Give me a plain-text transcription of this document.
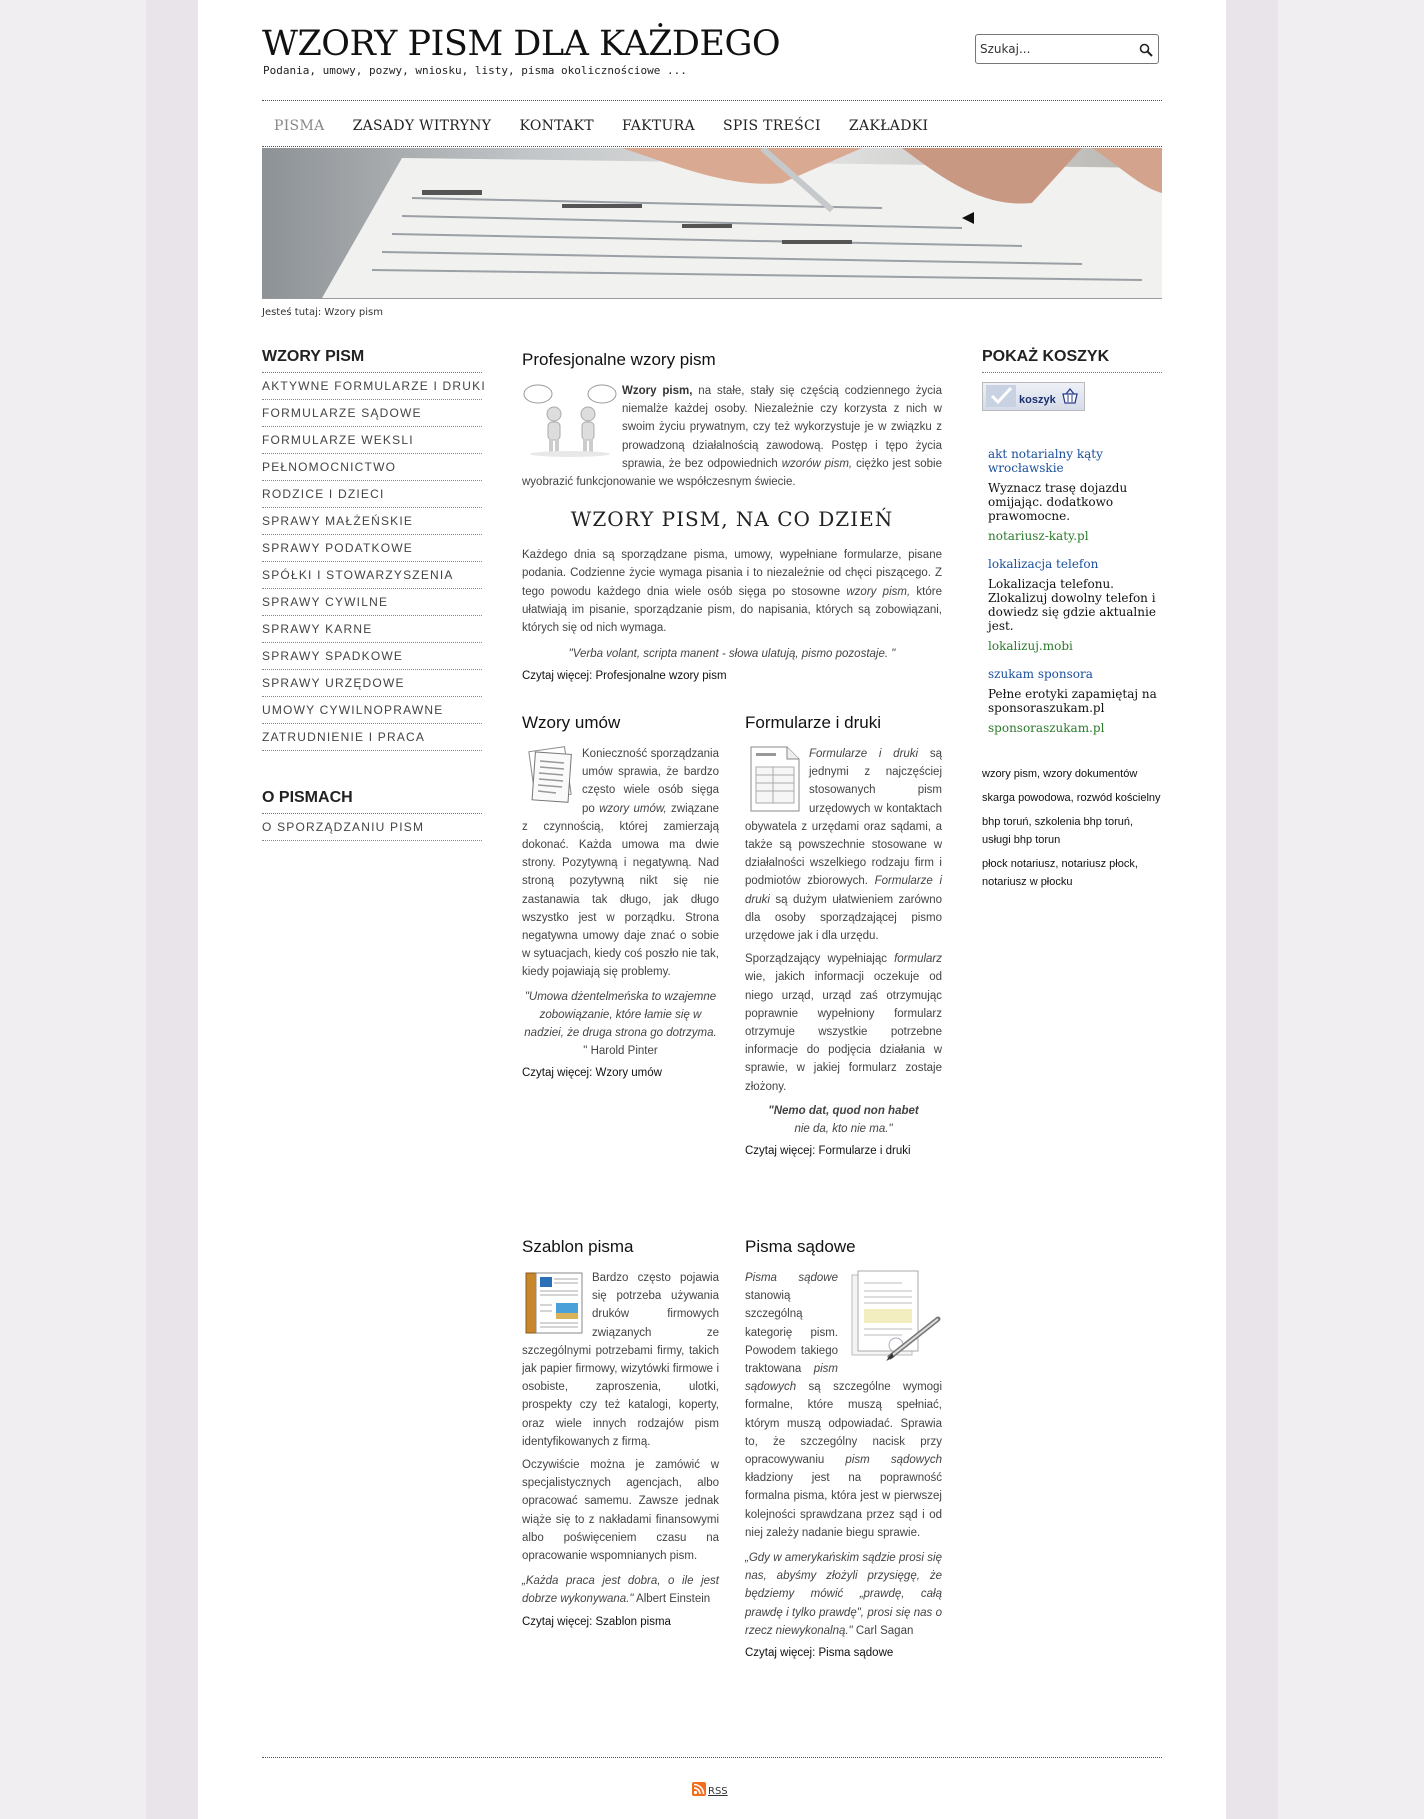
WZORY PISM DLA KAŻDEGO
Podania, umowy, pozwy, wniosku, listy, pisma okolicznościowe ...
Szukaj...
PISMA ZASADY WITRYNY KONTAKT FAKTURA SPIS TREŚCI ZAKŁADKI
Jesteś tutaj: Wzory pism
WZORY PISM
AKTYWNE FORMULARZE I DRUKI
FORMULARZE SĄDOWE
FORMULARZE WEKSLI
PEŁNOMOCNICTWO
RODZICE I DZIECI
SPRAWY MAŁŻEŃSKIE
SPRAWY PODATKOWE
SPÓŁKI I STOWARZYSZENIA
SPRAWY CYWILNE
SPRAWY KARNE
SPRAWY SPADKOWE
SPRAWY URZĘDOWE
UMOWY CYWILNOPRAWNE
ZATRUDNIENIE I PRACA
O PISMACH
O SPORZĄDZANIU PISM
Profesjonalne wzory pism

Wzory pism, na stałe, stały się częścią codziennego życia niemalże każdej osoby. Niezależnie czy korzysta z nich w swoim życiu prywatnym, czy też wykorzystuje je w związku z prowadzoną działalnością zawodową. Postęp i tępo życia sprawia, że bez odpowiednich wzorów pism, ciężko jest sobie wyobrazić funkcjonowanie we współczesnym świecie.

WZORY PISM, NA CO DZIEŃ

Każdego dnia są sporządzane pisma, umowy, wypełniane formularze, pisane podania. Codzienne życie wymaga pisania i to niezależnie od chęci piszącego. Z tego powodu każdego dnia wiele osób sięga po stosowne wzory pism, które ułatwiają im pisanie, sporządzanie pism, do napisania, których są zobowiązani, których się od nich wymaga.

"Verba volant, scripta manent - słowa ulatują, pismo pozostaje. "

Czytaj więcej: Profesjonalne wzory pism

Wzory umów

Konieczność sporządzania umów sprawia, że bardzo często wiele osób sięga po wzory umów, związane z czynnością, której zamierzają dokonać. Każda umowa ma dwie strony. Pozytywną i negatywną. Nad stroną pozytywną nikt się nie zastanawia tak długo, jak długo wszystko jest w porządku. Strona negatywna umowy daje znać o sobie w sytuacjach, kiedy coś poszło nie tak, kiedy pojawiają się problemy.

"Umowa dżentelmeńska to wzajemne zobowiązanie, które łamie się w nadziei, że druga strona go dotrzyma. " Harold Pinter

Czytaj więcej: Wzory umów

Formularze i druki

Formularze i druki są jednymi z najczęściej stosowanych pism urzędowych w kontaktach obywatela z urzędami oraz sądami, a także są powszechnie stosowane w działalności wszelkiego rodzaju firm i podmiotów zbiorowych. Formularze i druki są dużym ułatwieniem zarówno dla osoby sporządzającej pismo urzędowe jak i dla urzędu.

Sporządzający wypełniając formularz wie, jakich informacji oczekuje od niego urząd, urząd zaś otrzymując poprawnie wypełniony formularz otrzymuje wszystkie potrzebne informacje do podjęcia działania w sprawie, w jakiej formularz zostaje złożony.

"Nemo dat, quod non habet
nie da, kto nie ma."

Czytaj więcej: Formularze i druki

Szablon pisma

Bardzo często pojawia się potrzeba używania druków firmowych związanych ze szczególnymi potrzebami firmy, takich jak papier firmowy, wizytówki firmowe i osobiste, zaproszenia, ulotki, prospekty czy też katalogi, koperty, oraz wiele innych rodzajów pism identyfikowanych z firmą.

Oczywiście można je zamówić w specjalistycznych agencjach, albo opracować samemu. Zawsze jednak wiąże się to z nakładami finansowymi albo poświęceniem czasu na opracowanie wspomnianych pism.

„Każda praca jest dobra, o ile jest dobrze wykonywana." Albert Einstein

Czytaj więcej: Szablon pisma

Pisma sądowe

Pisma sądowe stanowią szczególną kategorię pism. Powodem takiego traktowana pism sądowych są szczególne wymogi formalne, które muszą spełniać, którym muszą odpowiadać. Sprawia to, że szczególny nacisk przy opracowywaniu pism sądowych kładziony jest na poprawność formalna pisma, która jest w pierwszej kolejności sprawdzana przez sąd i od niej zależy nadanie biegu sprawie.

„Gdy w amerykańskim sądzie prosi się nas, abyśmy złożyli przysięgę, że będziemy mówić „prawdę, całą prawdę i tylko prawdę", prosi się nas o rzecz niewykonalną." Carl Sagan

Czytaj więcej: Pisma sądowe

POKAŻ KOSZYK
koszyk
akt notarialny kąty wrocławskie
Wyznacz trasę dojazdu omijając. dodatkowo prawomocne.
notariusz-katy.pl
lokalizacja telefon
Lokalizacja telefonu. Zlokalizuj dowolny telefon i dowiedz się gdzie aktualnie jest.
lokalizuj.mobi
szukam sponsora
Pełne erotyki zapamiętaj na sponsoraszukam.pl
sponsoraszukam.pl

wzory pism, wzory dokumentów

skarga powodowa, rozwód kościelny

bhp toruń, szkolenia bhp toruń, usługi bhp torun

płock notariusz, notariusz płock, notariusz w płocku

RSS
